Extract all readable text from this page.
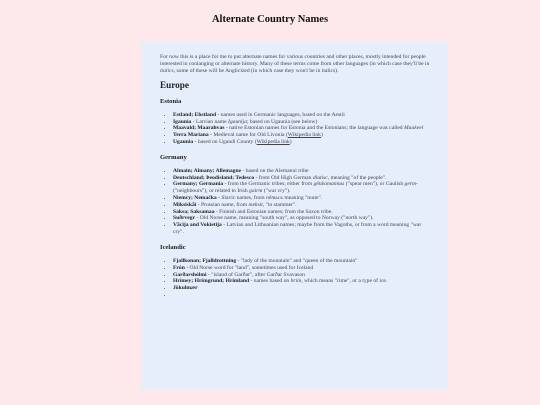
Alternate Country Names

For now this is a place for me to put alternate names for various countries and other places, mostly intended for people interested in conlanging or alternate history. Many of these terms come from other languages (in which case they'll be in italics, some of these will be Anglicized (in which case they won't be in italics).

Europe
Estonia
• Estland; Ehstland - names used in Germanic languages, based on the Aestii
• Igaunia - Latvian name Igaunija; based on Ugaunia (see below)
• Maavald; Maarahvas - native Estonian names for Estonia and the Estonians; the language was called Maakeel
• Terra Mariana - Medieval name for Old Livonia (Wikipedia link)
• Ugaunia - based on Ugandi County (Wikipedia link)
Germany
• Almain; Almany; Allemagne - based on the Alemanni tribe
• Deutschland; Þeodisland; Tedesco - from Old High German diutisc, meaning "of the people".
• Germany; Germania - from the Germanic tribes; either from gētǣamannus ("spear men"), or Gaulish germ- ("neighbours"), or related to Irish gairm ("war cry").
• Niemcy; Nemačka - Slavic names, from němьcь meaning "mute".
• Miksiskāi - Prussian name, from meksit, "to stammer".
• Saksa; Saksamaa - Finnish and Estonian names; from the Saxon tribe.
• Suðrvegr - Old Norse name, meaning "south way", as opposed to Norway ("north way").
• Vācija and Vokietija - Latvian and Lithuanian names; maybe from the Vagoths, or from a word meaning "war cry".
Icelandic
• Fjallkonan; Fjalldrottning - "lady of the mountain" and "queen of the mountain"
• Frón - Old Norse word for "land", sometimes used for Iceland
• Garðarshólmi - "island of Garðar", after Garðar Svavason
• Hrímey; Hrímgrund; Hrímland - names based on hrím, which means "rime", or a type of ice.
• Jökulmær
•
